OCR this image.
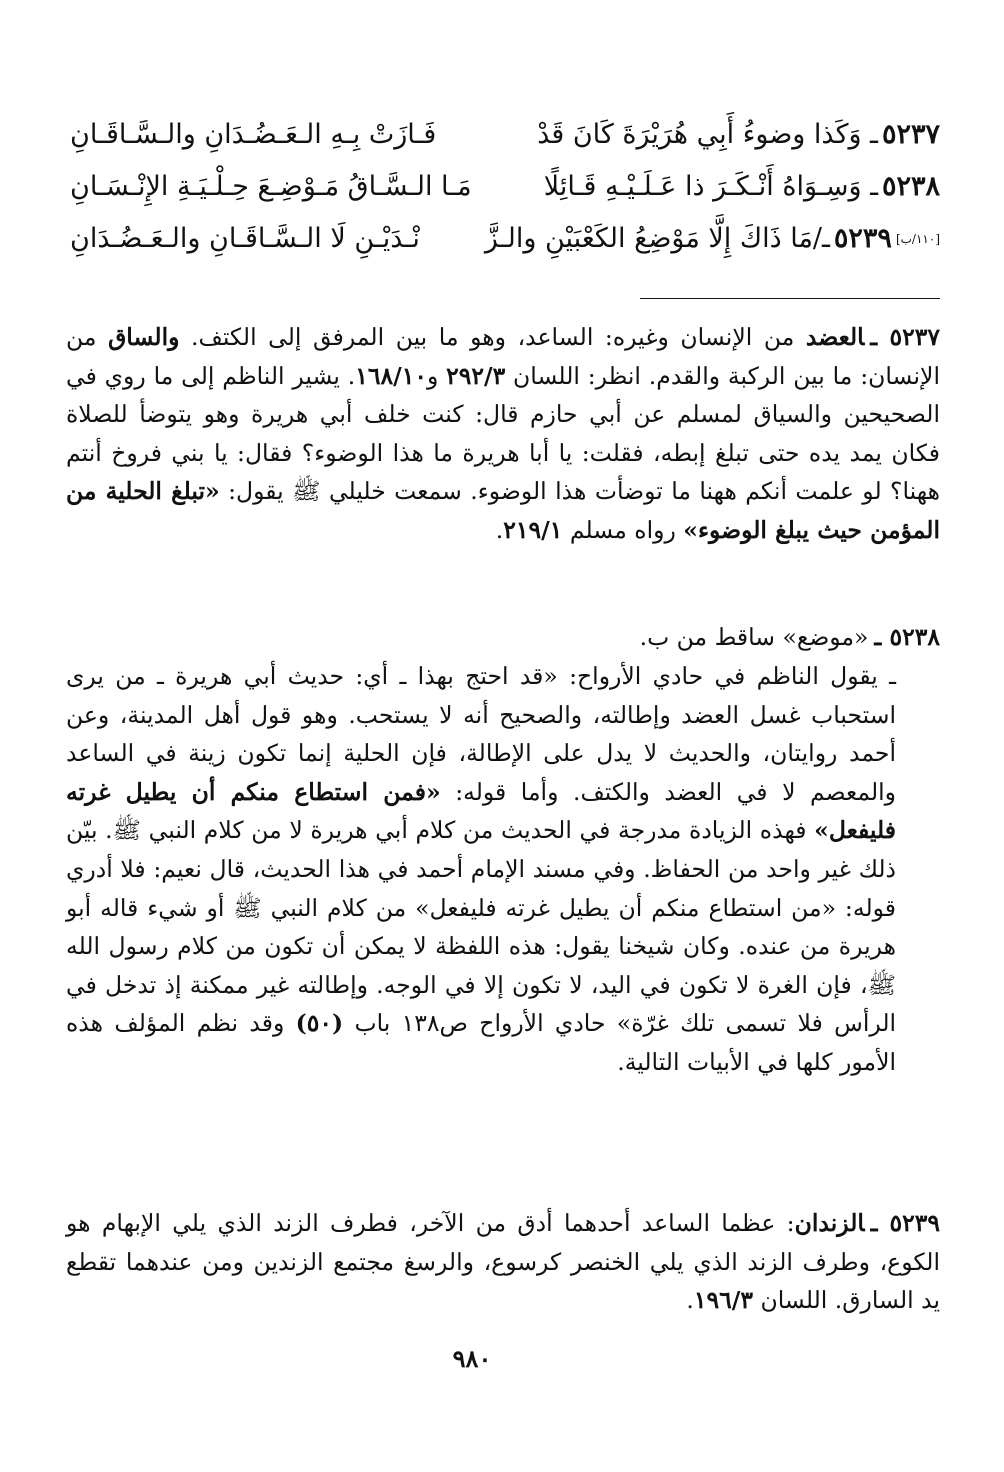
٥٢٣٧ـ وَكَذا وضوءُ أَبِي هُرَيْرَةَ كَانَ قَدْ
فَـازَتْ بِـهِ الـعَـضُـدَانِ والـسَّـاقَـانِ
٥٢٣٨ـ وَسِـوَاهُ أَنْـكَـرَ ذا عَـلَـيْـهِ قَـائِلًا
مَـا الـسَّـاقُ مَـوْضِـعَ حِـلْـيَـةِ الإِنْـسَـانِ
[١١٠/ب]٥٢٣٩ـ/مَا ذَاكَ إِلَّا مَوْضِعُ الكَعْبَيْنِ والـزَّ
نْـدَيْـنِ لَا الـسَّـاقَـانِ والـعَـضُـدَانِ
٥٢٣٧ ـالعضد من الإنسان وغيره: الساعد، وهو ما بين المرفق إلى الكتف. والساق من الإنسان: ما بين الركبة والقدم. انظر: اللسان ٢٩٢/٣ و١٦٨/١٠. يشير الناظم إلى ما روي في الصحيحين والسياق لمسلم عن أبي حازم قال: كنت خلف أبي هريرة وهو يتوضأ للصلاة فكان يمد يده حتى تبلغ إبطه، فقلت: يا أبا هريرة ما هذا الوضوء؟ فقال: يا بني فروخ أنتم ههنا؟ لو علمت أنكم ههنا ما توضأت هذا الوضوء. سمعت خليلي ﷺ يقول: «تبلغ الحلية من المؤمن حيث يبلغ الوضوء» رواه مسلم ٢١٩/١.
٥٢٣٨ ـ«موضع» ساقط من ب.
ـ يقول الناظم في حادي الأرواح: «قد احتج بهذا ـ أي: حديث أبي هريرة ـ من يرى استحباب غسل العضد وإطالته، والصحيح أنه لا يستحب. وهو قول أهل المدينة، وعن أحمد روايتان، والحديث لا يدل على الإطالة، فإن الحلية إنما تكون زينة في الساعد والمعصم لا في العضد والكتف. وأما قوله: «فمن استطاع منكم أن يطيل غرته فليفعل» فهذه الزيادة مدرجة في الحديث من كلام أبي هريرة لا من كلام النبي ﷺ. بيّن ذلك غير واحد من الحفاظ. وفي مسند الإمام أحمد في هذا الحديث، قال نعيم: فلا أدري قوله: «من استطاع منكم أن يطيل غرته فليفعل» من كلام النبي ﷺ أو شيء قاله أبو هريرة من عنده. وكان شيخنا يقول: هذه اللفظة لا يمكن أن تكون من كلام رسول الله ﷺ، فإن الغرة لا تكون في اليد، لا تكون إلا في الوجه. وإطالته غير ممكنة إذ تدخل في الرأس فلا تسمى تلك غرّة» حادي الأرواح ص١٣٨ باب (٥٠) وقد نظم المؤلف هذه الأمور كلها في الأبيات التالية.
٥٢٣٩ ـالزندان: عظما الساعد أحدهما أدق من الآخر، فطرف الزند الذي يلي الإبهام هو الكوع، وطرف الزند الذي يلي الخنصر كرسوع، والرسغ مجتمع الزندين ومن عندهما تقطع يد السارق. اللسان ١٩٦/٣.
٩٨٠
